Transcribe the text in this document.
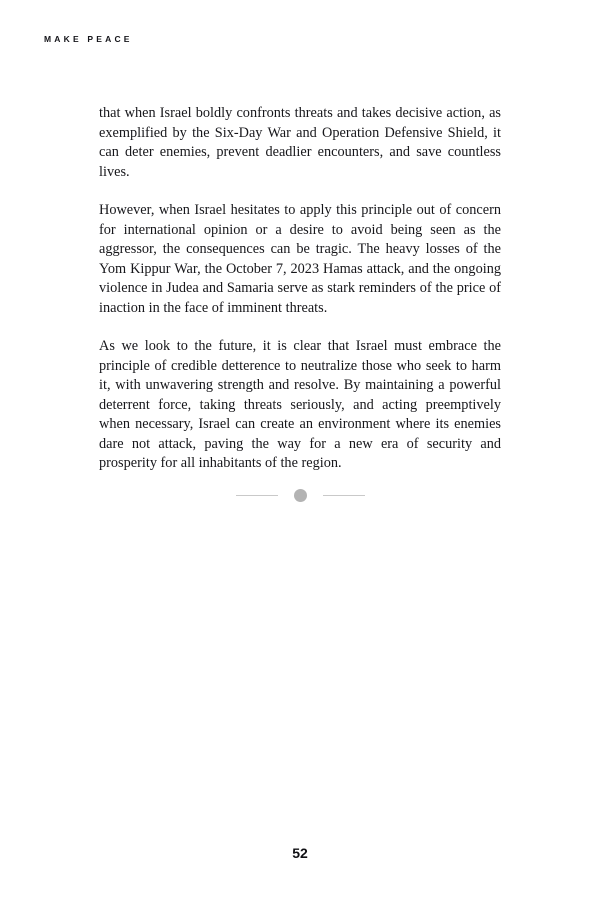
MAKE PEACE

that when Israel boldly confronts threats and takes decisive action, as exemplified by the Six-Day War and Operation Defensive Shield, it can deter enemies, prevent deadlier encounters, and save countless lives.

However, when Israel hesitates to apply this principle out of concern for international opinion or a desire to avoid being seen as the aggressor, the consequences can be tragic. The heavy losses of the Yom Kippur War, the October 7, 2023 Hamas attack, and the ongoing violence in Judea and Samaria serve as stark reminders of the price of inaction in the face of imminent threats.

As we look to the future, it is clear that Israel must embrace the principle of credible detterence to neutralize those who seek to harm it, with unwavering strength and resolve. By maintaining a powerful deterrent force, taking threats seriously, and acting preemptively when necessary, Israel can create an environment where its enemies dare not attack, paving the way for a new era of security and prosperity for all inhabitants of the region.

52
